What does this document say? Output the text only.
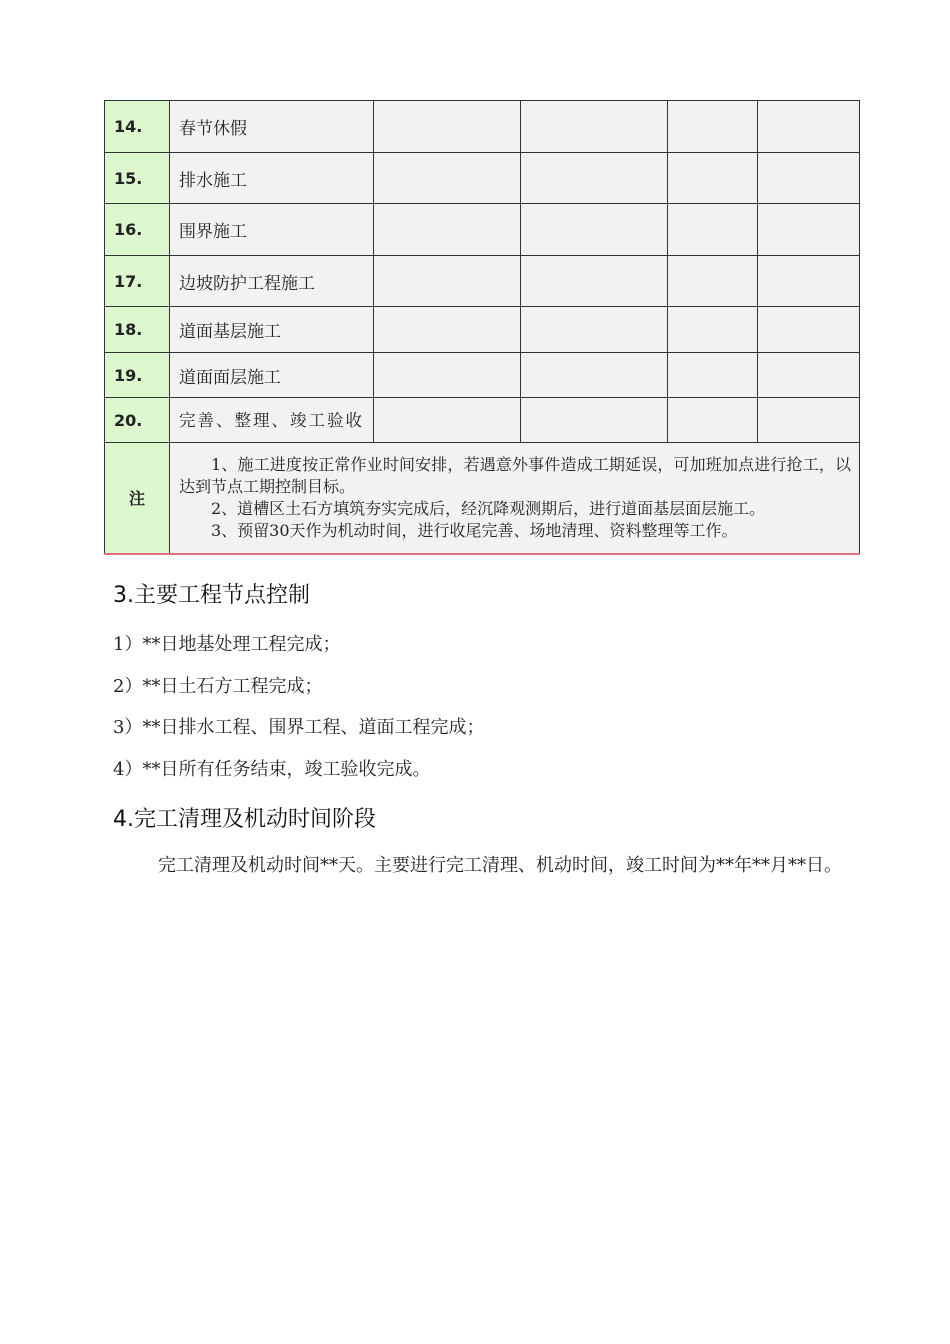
14.	春节休假				
15.	排水施工				
16.	围界施工				
17.	边坡防护工程施工				
18.	道面基层施工				
19.	道面面层施工				
20.	完善、整理、竣工验收				
注	1、施工进度按正常作业时间安排，若遇意外事件造成工期延误，可加班加点进行抢工，以达到节点工期控制目标。

2、道槽区土石方填筑夯实完成后，经沉降观测期后，进行道面基层面层施工。

3、预留30天作为机动时间，进行收尾完善、场地清理、资料整理等工作。				

3.主要工程节点控制

1）**日地基处理工程完成；

2）**日土石方工程完成；

3）**日排水工程、围界工程、道面工程完成；

4）**日所有任务结束，竣工验收完成。

4.完工清理及机动时间阶段

完工清理及机动时间**天。主要进行完工清理、机动时间，竣工时间为**年**月**日。
